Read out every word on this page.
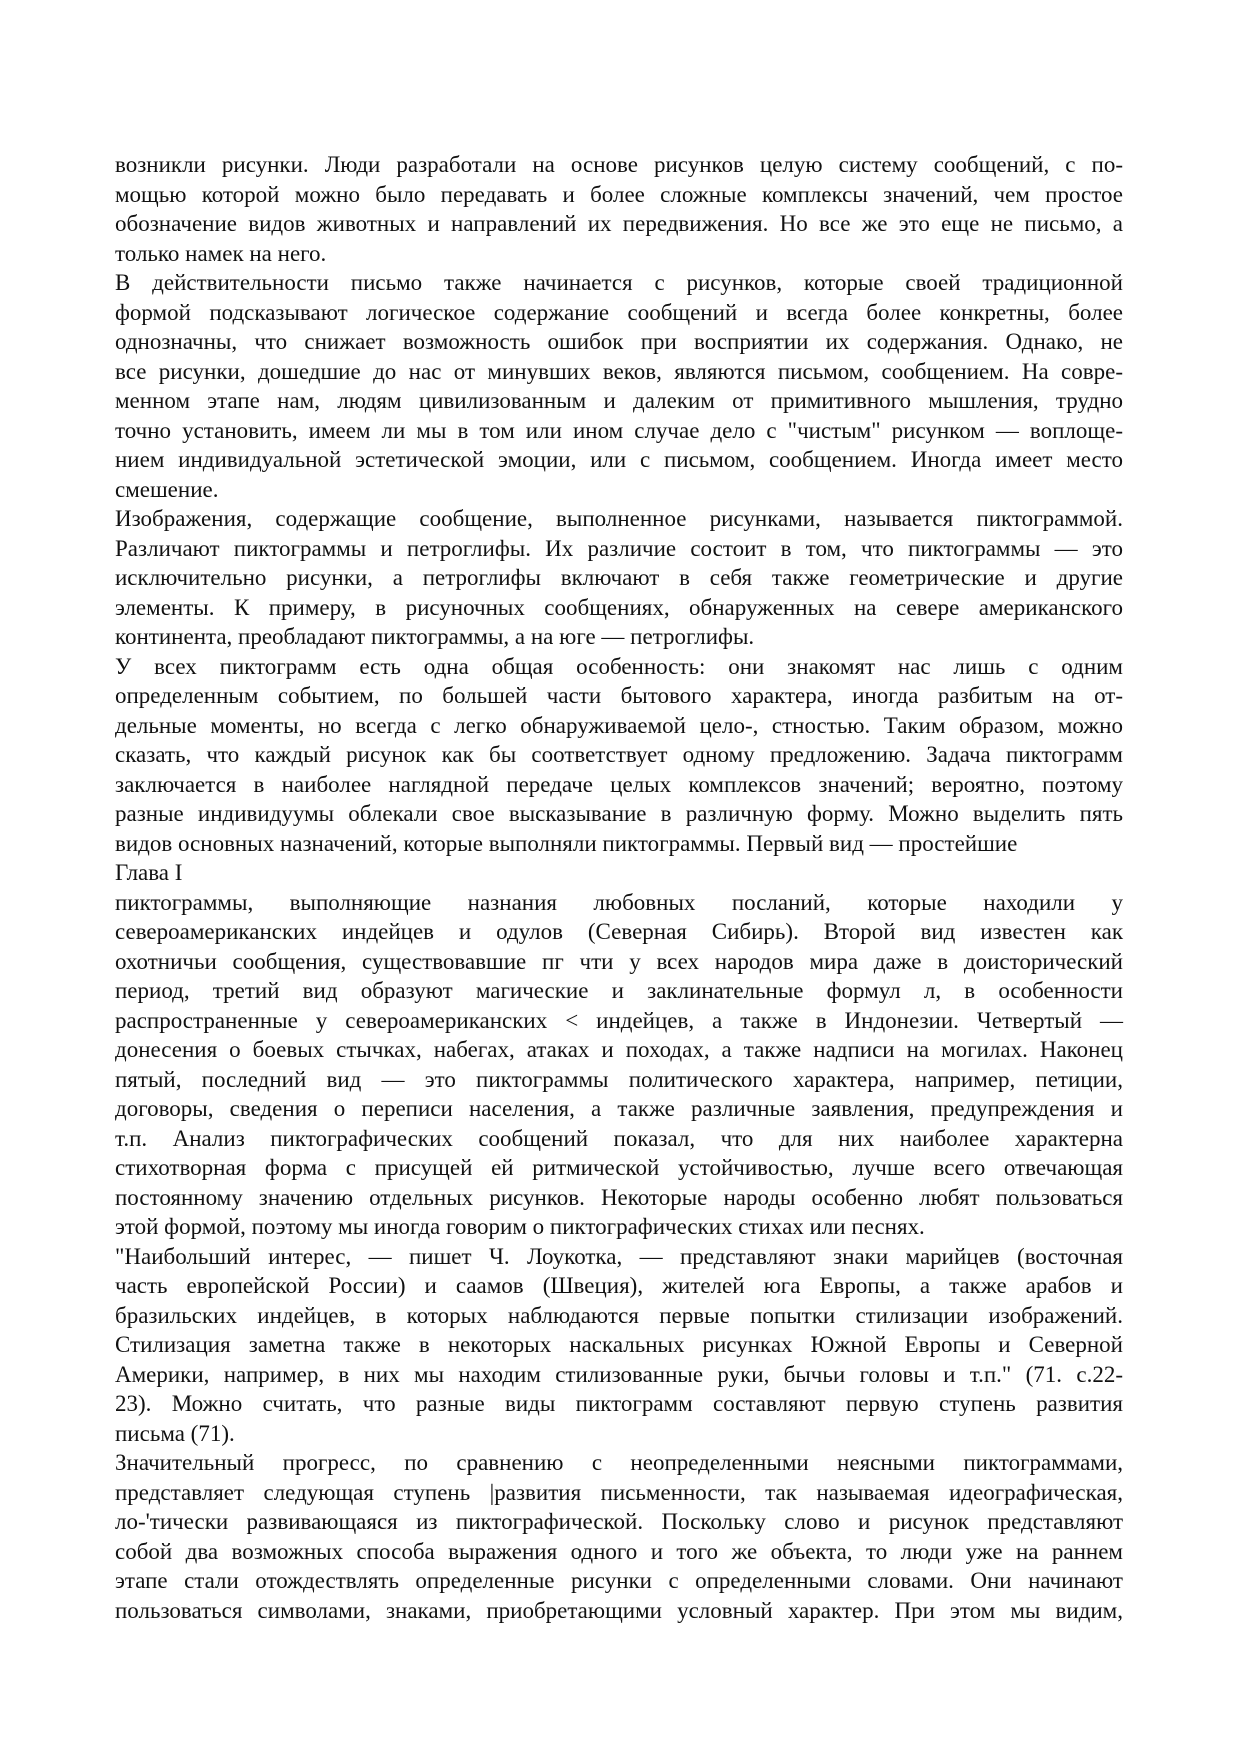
возникли рисунки. Люди разработали на основе рисунков целую систему сообщений, с по-
мощью которой можно было передавать и более сложные комплексы значений, чем простое
обозначение видов животных и направлений их передвижения. Но все же это еще не письмо, а
только намек на него.
В действительности письмо также начинается с рисунков, которые своей традиционной
формой подсказывают логическое содержание сообщений и всегда более конкретны, более
однозначны, что снижает возможность ошибок при восприятии их содержания. Однако, не
все рисунки, дошедшие до нас от минувших веков, являются письмом, сообщением. На совре-
менном этапе нам, людям цивилизованным и далеким от примитивного мышления, трудно
точно установить, имеем ли мы в том или ином случае дело с "чистым" рисунком — воплоще-
нием индивидуальной эстетической эмоции, или с письмом, сообщением. Иногда имеет место
смешение.
Изображения, содержащие сообщение, выполненное рисунками, называется пиктограммой.
Различают пиктограммы и петроглифы. Их различие состоит в том, что пиктограммы — это
исключительно рисунки, а петроглифы включают в себя также геометрические и другие
элементы. К примеру, в рисуночных сообщениях, обнаруженных на севере американского
континента, преобладают пиктограммы, а на юге — петроглифы.
У всех пиктограмм есть одна общая особенность: они знакомят нас лишь с одним
определенным событием, по большей части бытового характера, иногда разбитым на от-
дельные моменты, но всегда с легко обнаруживаемой цело-, стностью. Таким образом, можно
сказать, что каждый рисунок как бы соответствует одному предложению. Задача пиктограмм
заключается в наиболее наглядной передаче целых комплексов значений; вероятно, поэтому
разные индивидуумы облекали свое высказывание в различную форму. Можно выделить пять
видов основных назначений, которые выполняли пиктограммы. Первый вид — простейшие
Глава I
пиктограммы, выполняющие назнания любовных посланий, которые находили у
североамериканских индейцев и одулов (Северная Сибирь). Второй вид известен как
охотничьи сообщения, существовавшие пг чти у всех народов мира даже в доисторический
период, третий вид образуют магические и заклинательные формул л, в особенности
распространенные у североамериканских < индейцев, а также в Индонезии. Четвертый —
донесения о боевых стычках, набегах, атаках и походах, а также надписи на могилах. Наконец
пятый, последний вид — это пиктограммы политического характера, например, петиции,
договоры, сведения о переписи населения, а также различные заявления, предупреждения и
т.п. Анализ пиктографических сообщений показал, что для них наиболее характерна
стихотворная форма с присущей ей ритмической устойчивостью, лучше всего отвечающая
постоянному значению отдельных рисунков. Некоторые народы особенно любят пользоваться
этой формой, поэтому мы иногда говорим о пиктографических стихах или песнях.
"Наибольший интерес, — пишет Ч. Лоукотка, — представляют знаки марийцев (восточная
часть европейской России) и саамов (Швеция), жителей юга Европы, а также арабов и
бразильских индейцев, в которых наблюдаются первые попытки стилизации изображений.
Стилизация заметна также в некоторых наскальных рисунках Южной Европы и Северной
Америки, например, в них мы находим стилизованные руки, бычьи головы и т.п." (71. с.22-
23). Можно считать, что разные виды пиктограмм составляют первую ступень развития
письма (71).
Значительный прогресс, по сравнению с неопределенными неясными пиктограммами,
представляет следующая ступень |развития письменности, так называемая идеографическая,
ло-'тически развивающаяся из пиктографической. Поскольку слово и рисунок представляют
собой два возможных способа выражения одного и того же объекта, то люди уже на раннем
этапе стали отождествлять определенные рисунки с определенными словами. Они начинают
пользоваться символами, знаками, приобретающими условный характер. При этом мы видим,
